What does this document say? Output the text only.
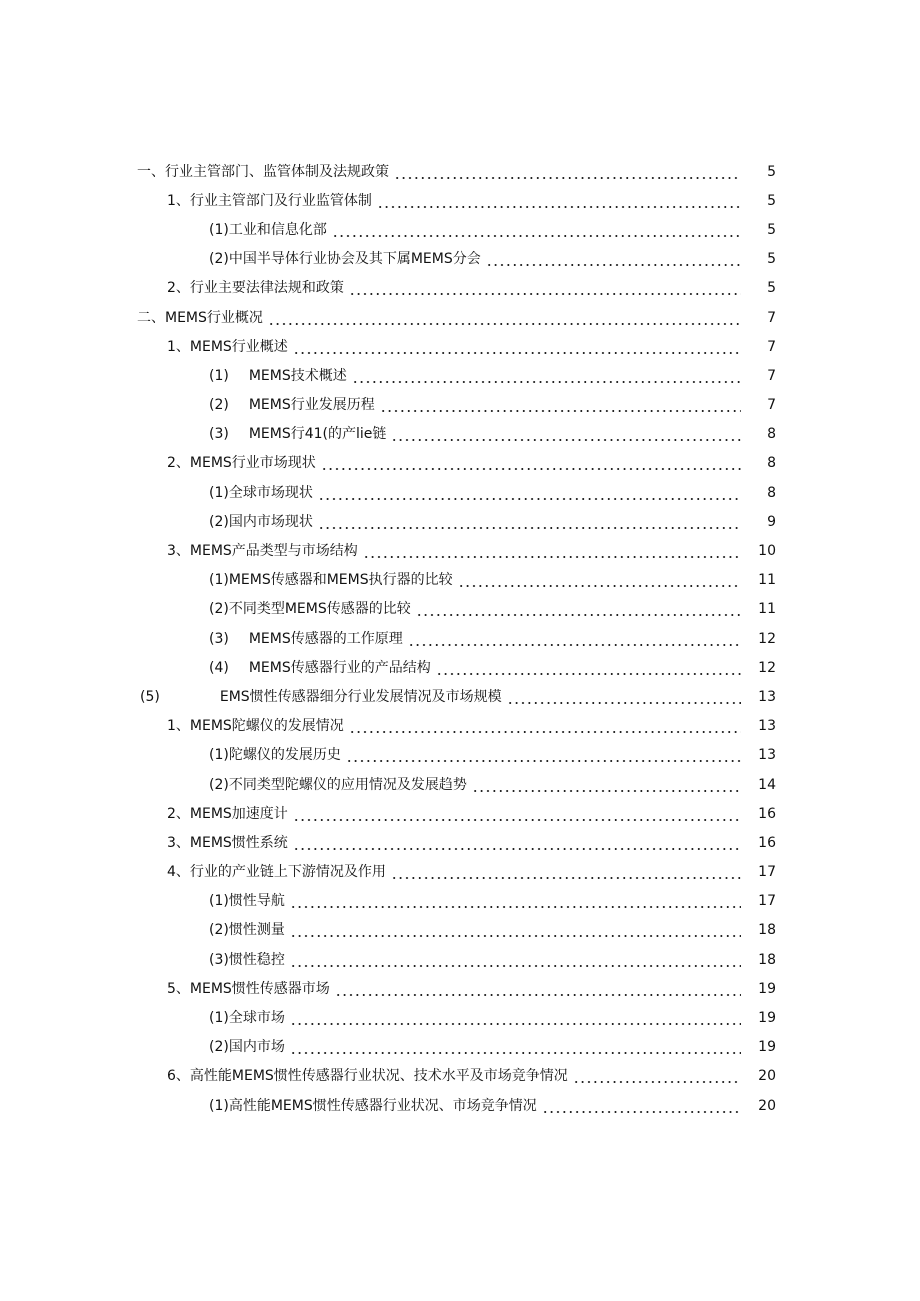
一、行业主管部门、监管体制及法规政策	5
1、行业主管部门及行业监管体制	5
(1)工业和信息化部	5
(2)中国半导体行业协会及其下属MEMS分会	5
2、行业主要法律法规和政策	5
二、MEMS行业概况	7
1、MEMS行业概述	7
(1) MEMS技术概述	7
(2) MEMS行业发展历程	7
(3) MEMS行41(的产lie链	8
2、MEMS行业市场现状	8
(1)全球市场现状	8
(2)国内市场现状	9
3、MEMS产品类型与市场结构	10
(1)MEMS传感器和MEMS执行器的比较	11
(2)不同类型MEMS传感器的比较	11
(3) MEMS传感器的工作原理	12
(4) MEMS传感器行业的产品结构	12
(5)	EMS惯性传感器细分行业发展情况及市场规模	13
1、MEMS陀螺仪的发展情况	13
(1)陀螺仪的发展历史	13
(2)不同类型陀螺仪的应用情况及发展趋势	14
2、MEMS加速度计	16
3、MEMS惯性系统	16
4、行业的产业链上下游情况及作用	17
(1)惯性导航	17
(2)惯性测量	18
(3)惯性稳控	18
5、MEMS惯性传感器市场	19
(1)全球市场	19
(2)国内市场	19
6、高性能MEMS惯性传感器行业状况、技术水平及市场竞争情况	20
(1)高性能MEMS惯性传感器行业状况、市场竞争情况	20
